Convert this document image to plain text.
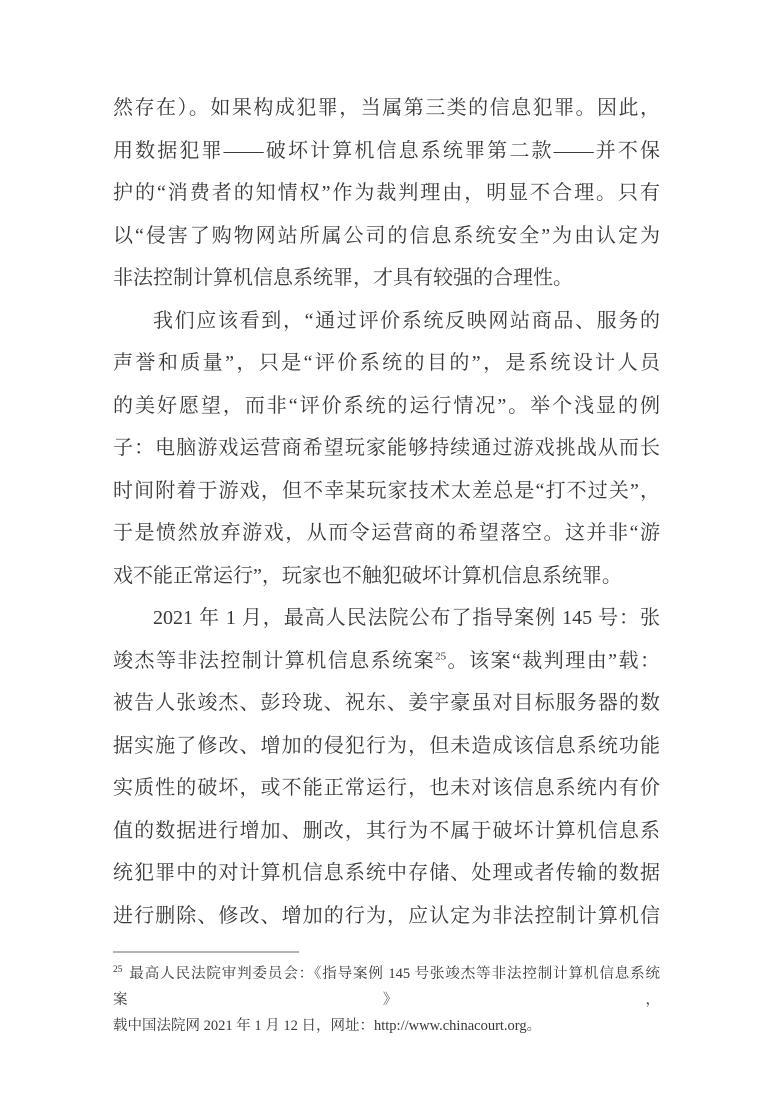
然存在）。如果构成犯罪，当属第三类的信息犯罪。因此，
用数据犯罪——破坏计算机信息系统罪第二款——并不保
护的“消费者的知情权”作为裁判理由，明显不合理。只有
以“侵害了购物网站所属公司的信息系统安全”为由认定为
非法控制计算机信息系统罪，才具有较强的合理性。
我们应该看到，“通过评价系统反映网站商品、服务的
声誉和质量”，只是“评价系统的目的”，是系统设计人员
的美好愿望，而非“评价系统的运行情况”。举个浅显的例
子：电脑游戏运营商希望玩家能够持续通过游戏挑战从而长
时间附着于游戏，但不幸某玩家技术太差总是“打不过关”，
于是愤然放弃游戏，从而令运营商的希望落空。这并非“游
戏不能正常运行”，玩家也不触犯破坏计算机信息系统罪。
2021 年 1 月，最高人民法院公布了指导案例 145 号：张
竣杰等非法控制计算机信息系统案$^{25}$。该案“裁判理由”载：
被告人张竣杰、彭玲珑、祝东、姜宇豪虽对目标服务器的数
据实施了修改、增加的侵犯行为，但未造成该信息系统功能
实质性的破坏，或不能正常运行，也未对该信息系统内有价
值的数据进行增加、删改，其行为不属于破坏计算机信息系
统犯罪中的对计算机信息系统中存储、处理或者传输的数据
进行删除、修改、增加的行为，应认定为非法控制计算机信
$^{25}$ 最高人民法院审判委员会：《指导案例 145 号张竣杰等非法控制计算机信息系统案》，
载中国法院网 2021 年 1 月 12 日，网址：http://www.chinacourt.org。
